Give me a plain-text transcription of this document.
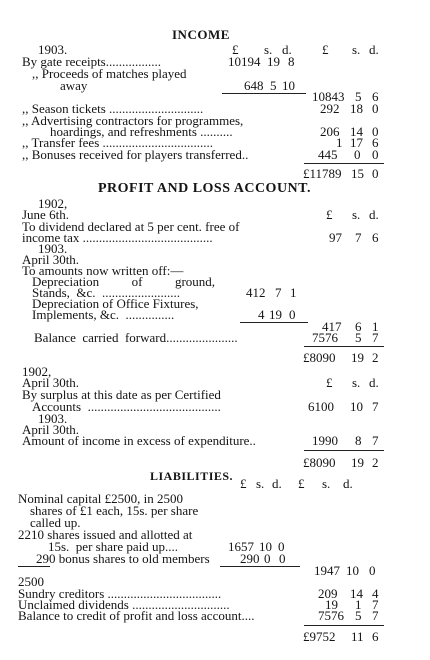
INCOME
1903.	£ s. d. £ s. d.
By gate receipts.................	10194 19 8
,, Proceeds of matches played
away	648 5 10
10843 5 6
,, Season tickets .............................	292 18 0
,, Advertising contractors for programmes,
hoardings, and refreshments ..........	206 14 0
,, Transfer fees ..................................	1 17 6
,, Bonuses received for players transferred..	445 0 0
£11789 15 0
PROFIT AND LOSS ACCOUNT.
1902,
June 6th.	£ s. d.
To dividend declared at 5 per cent. free of
income tax ........................................	97 7 6
1903.
April 30th.
To amounts now written off:—
Depreciation          of          ground,
Stands,  &c.  ........................	412 7 1
Depreciation of Office Fixtures,
Implements, &c.  ...............	4 19 0
417 6 1
Balance  carried  forward......................	7576 5 7
£8090 19 2
1902,
April 30th.	£ s. d.
By surplus at this date as per Certified
Accounts  .........................................	6100 10 7
1903.
April 30th.
Amount of income in excess of expenditure..	1990 8 7
£8090 19 2
LIABILITIES. £ s. d. £ s. d.
Nominal capital £2500, in 2500
shares of £1 each, 15s. per share
called up.
2210 shares issued and allotted at
15s.  per share paid up....	1657 10 0
290 bonus shares to old members 290 0 0
1947 10 0
2500
Sundry creditors ...................................	209 14 4
Unclaimed dividends ..............................	19 1 7
Balance to credit of profit and loss account....	7576 5 7
£9752 11 6
